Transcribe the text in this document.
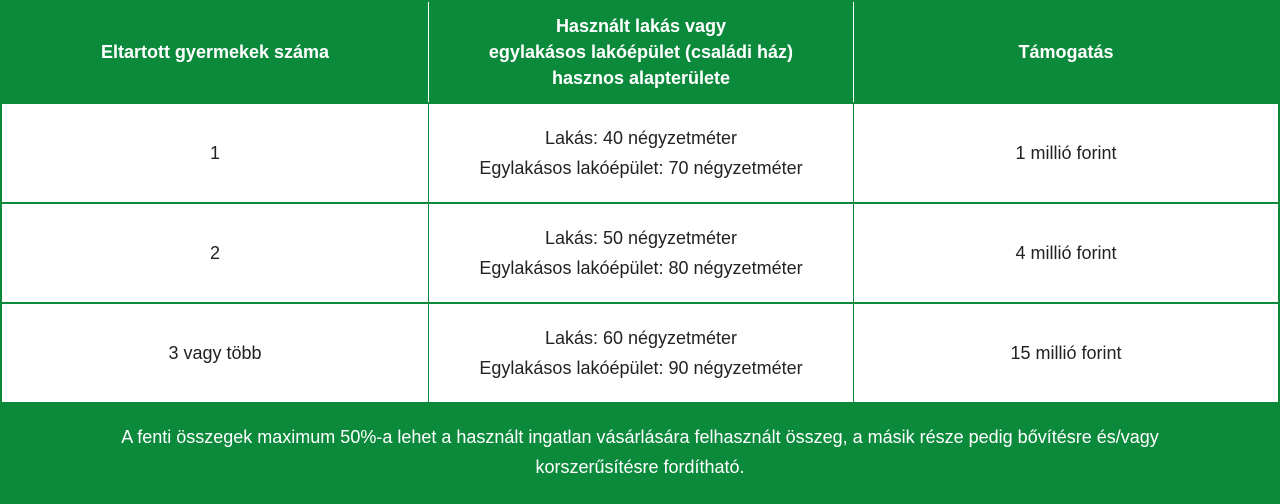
Eltartott gyermekek száma
Használt lakás vagy
egylakásos lakóépület (családi ház)
hasznos alapterülete
Támogatás
1
Lakás: 40 négyzetméter
Egylakásos lakóépület: 70 négyzetméter
1 millió forint
2
Lakás: 50 négyzetméter
Egylakásos lakóépület: 80 négyzetméter
4 millió forint
3 vagy több
Lakás: 60 négyzetméter
Egylakásos lakóépület: 90 négyzetméter
15 millió forint
A fenti összegek maximum 50%-a lehet a használt ingatlan vásárlására felhasznált összeg, a másik része pedig bővítésre és/vagy
korszerűsítésre fordítható.
